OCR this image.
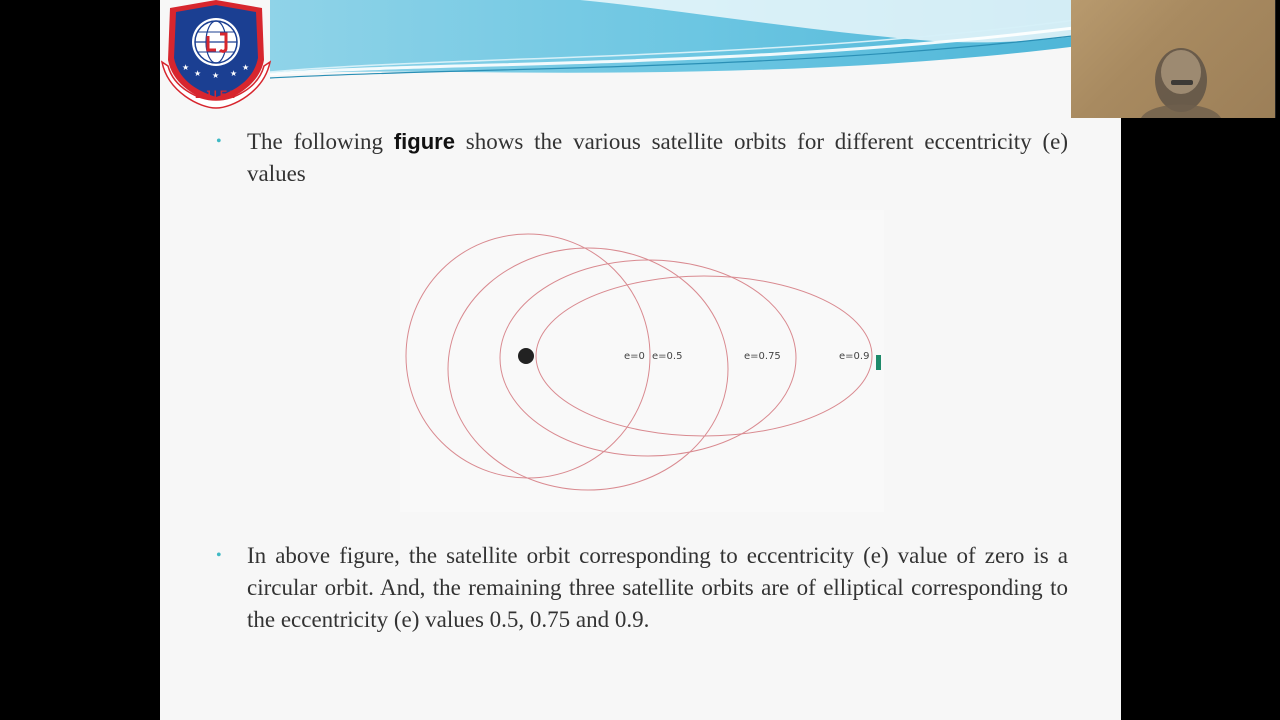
★
★ ★ ★
★
L J I E T
• The following figure shows the various satellite orbits for different eccentricity (e) values
e=0 e=0.5	e=0.75	e=0.9
• In above figure, the satellite orbit corresponding to eccentricity (e) value of zero is a circular orbit. And, the remaining three satellite orbits are of elliptical corresponding to the eccentricity (e) values 0.5, 0.75 and 0.9.
